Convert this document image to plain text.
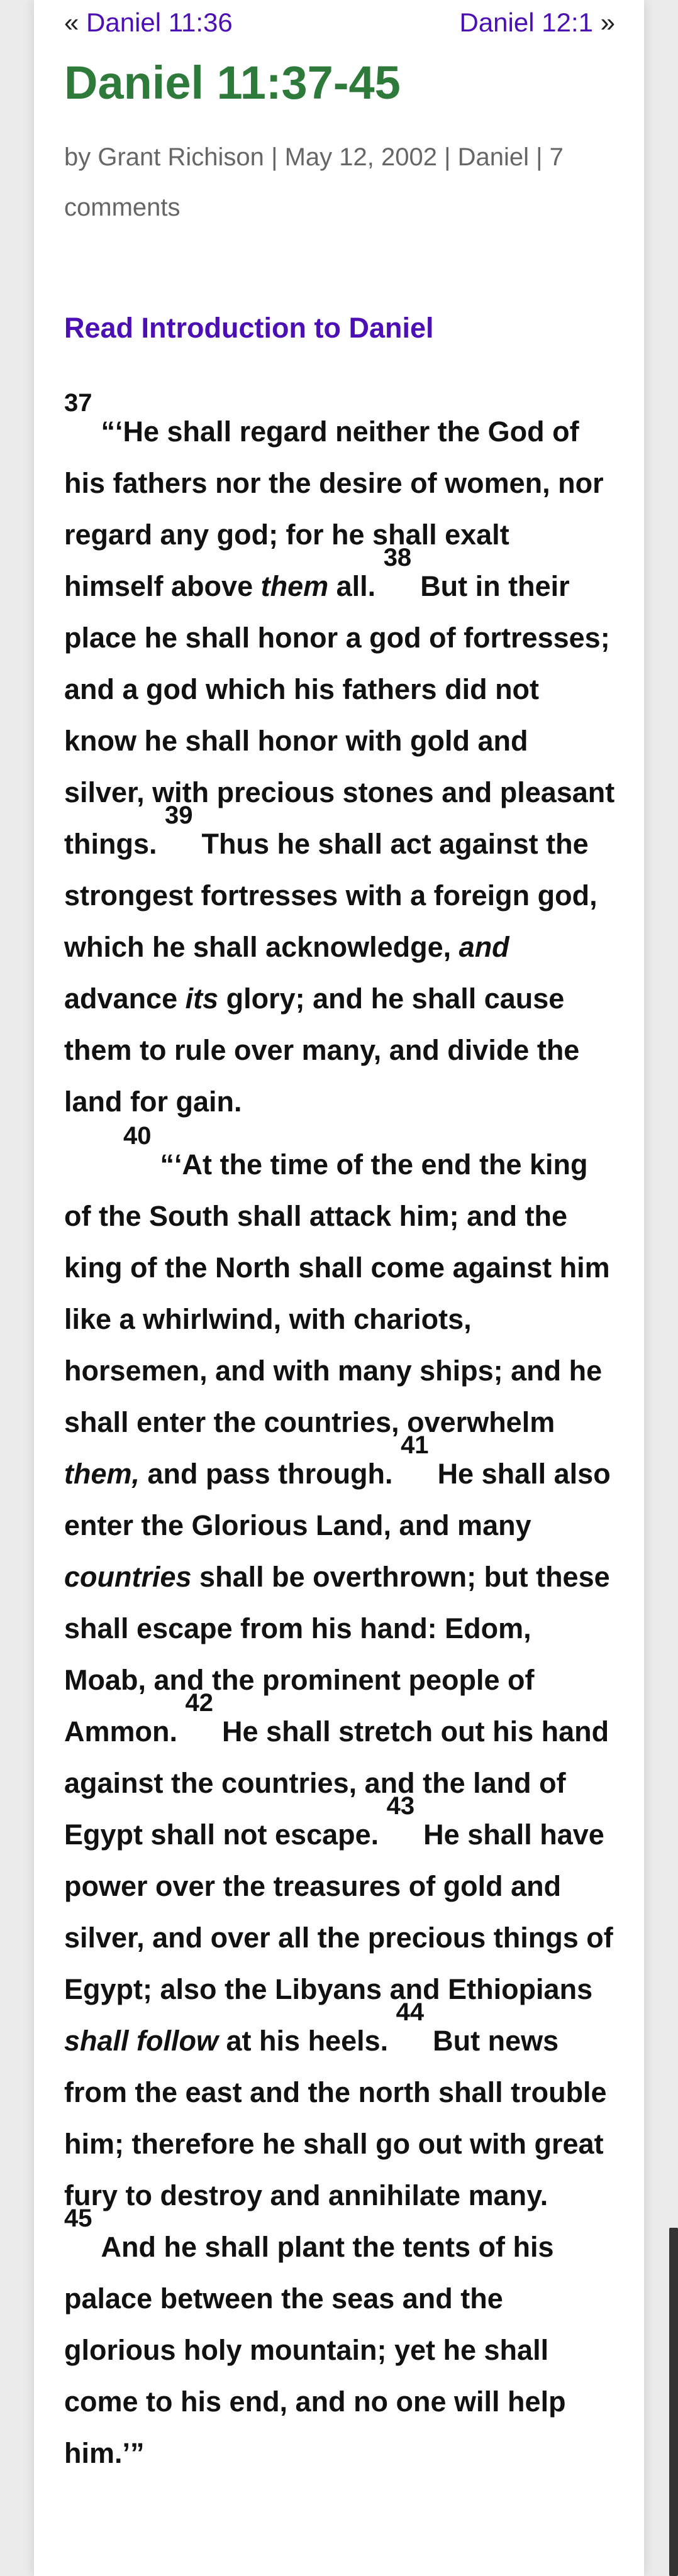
« Daniel 11:36	Daniel 12:1 »
Daniel 11:37-45
by Grant Richison | May 12, 2002 | Daniel | 7 comments
Read Introduction to Daniel

$^{37}$“‘He shall regard neither the God of his fathers nor the desire of women, nor regard any god; for he shall exalt himself above them all. $^{38}$But in their place he shall honor a god of fortresses; and a god which his fathers did not know he shall honor with gold and silver, with precious stones and pleasant things. $^{39}$Thus he shall act against the strongest fortresses with a foreign god, which he shall acknowledge, and advance its glory; and he shall cause them to rule over many, and divide the land for gain.

$^{40}$“‘At the time of the end the king of the South shall attack him; and the king of the North shall come against him like a whirlwind, with chariots, horsemen, and with many ships; and he shall enter the countries, overwhelm them, and pass through. $^{41}$He shall also enter the Glorious Land, and many countries shall be overthrown; but these shall escape from his hand: Edom, Moab, and the prominent people of Ammon. $^{42}$He shall stretch out his hand against the countries, and the land of Egypt shall not escape. $^{43}$He shall have power over the treasures of gold and silver, and over all the precious things of Egypt; also the Libyans and Ethiopians shall follow at his heels. $^{44}$But news from the east and the north shall trouble him; therefore he shall go out with great fury to destroy and annihilate many. $^{45}$And he shall plant the tents of his palace between the seas and the glorious holy mountain; yet he shall come to his end, and no one will help him.’”
